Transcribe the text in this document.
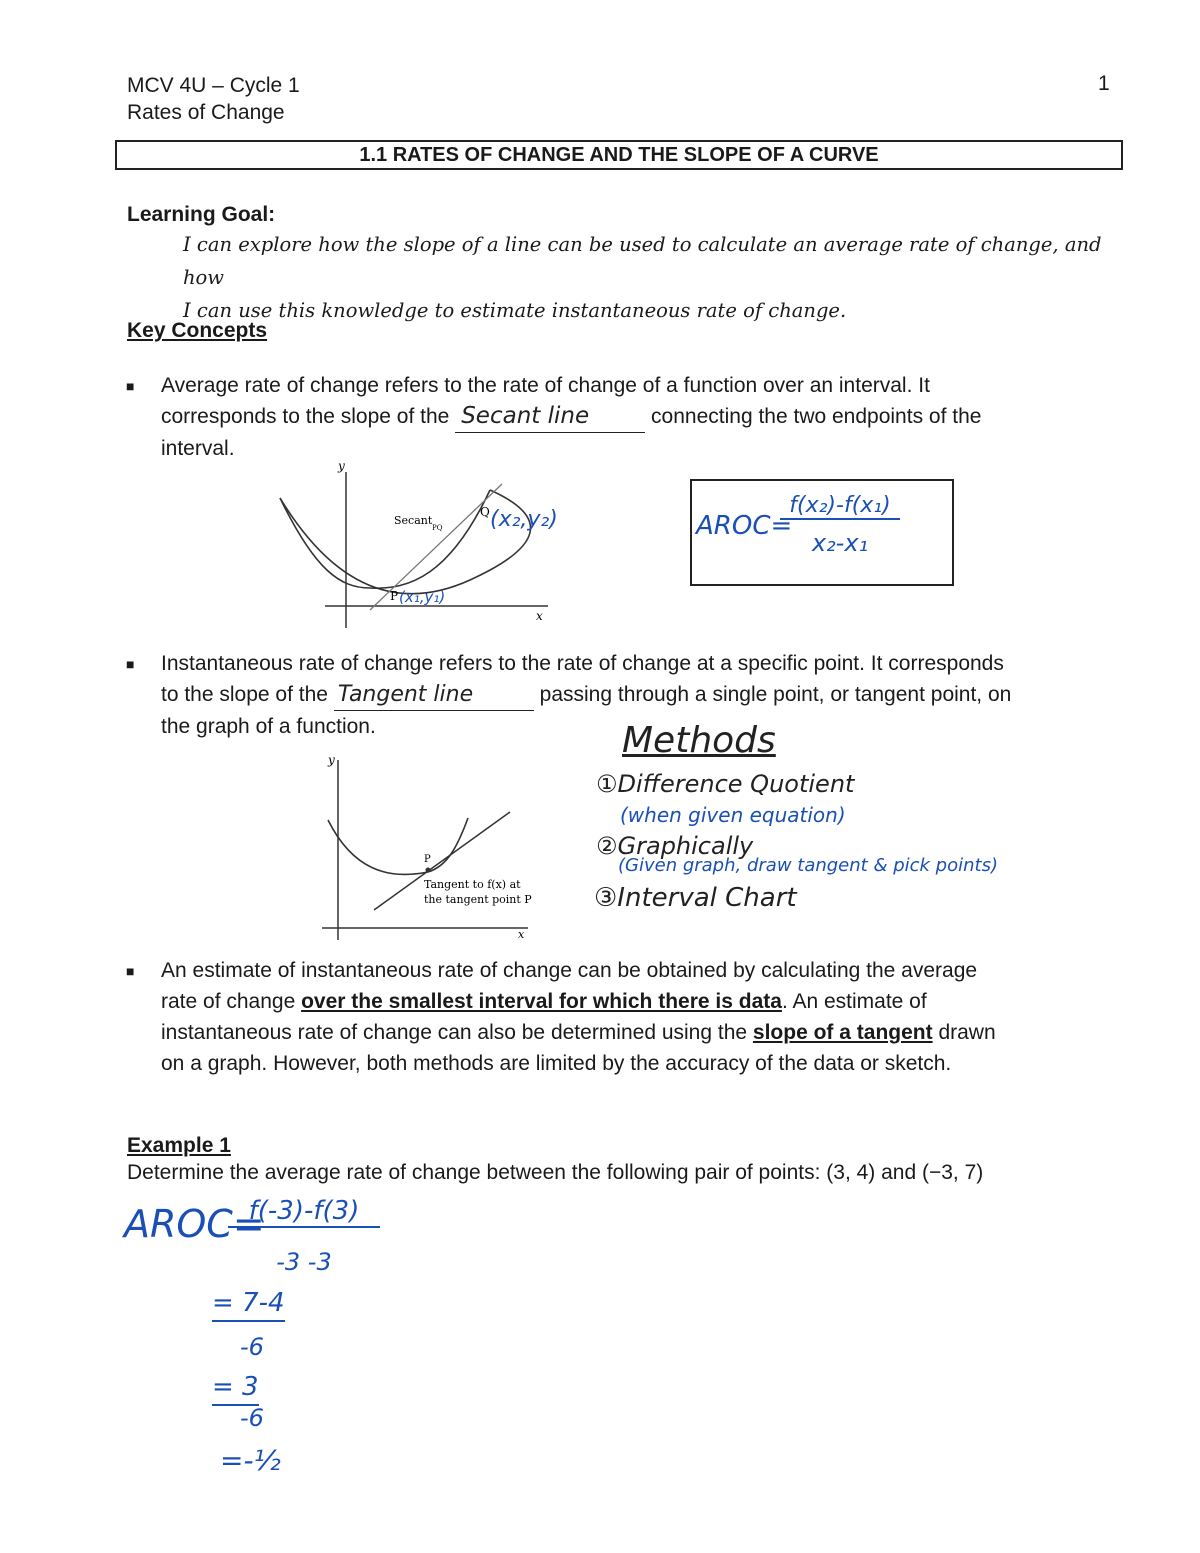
MCV 4U – Cycle 1
Rates of Change
1
1.1 RATES OF CHANGE AND THE SLOPE OF A CURVE
Learning Goal:
I can explore how the slope of a line can be used to calculate an average rate of change, and how
I can use this knowledge to estimate instantaneous rate of change.
Key Concepts
■ Average rate of change refers to the rate of change of a function over an interval. It
corresponds to the slope of the Secant line	connecting the two endpoints of the
interval.
y
x
Secant
PQ
Q (x₂,y₂)
P (x₁,y₁)
AROC=
f(x₂)-f(x₁)
x₂-x₁
■ Instantaneous rate of change refers to the rate of change at a specific point. It corresponds
to the slope of the Tangent line	passing through a single point, or tangent point, on
the graph of a function.
y
x
P
Tangent to f(x) at
the tangent point P
Methods
①Difference Quotient
(when given equation)
②Graphically
(Given graph, draw tangent & pick points)
③Interval Chart
■ An estimate of instantaneous rate of change can be obtained by calculating the average
rate of change over the smallest interval for which there is data. An estimate of
instantaneous rate of change can also be determined using the slope of a tangent drawn
on a graph. However, both methods are limited by the accuracy of the data or sketch.
Example 1
Determine the average rate of change between the following pair of points: (3, 4) and (−3, 7)
AROC=
f(-3)-f(3)
-3 -3
= 7-4
-6
= 3
-6
=-½
